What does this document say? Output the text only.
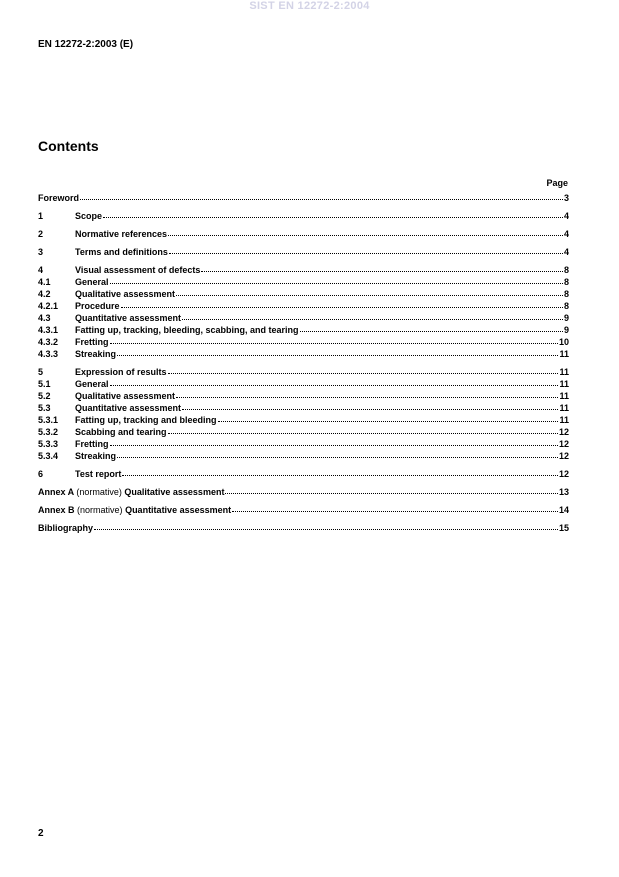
SIST EN 12272-2:2004
EN 12272-2:2003 (E)
Contents
Page
Foreword	3
1	Scope	4
2	Normative references	4
3	Terms and definitions	4
4	Visual assessment of defects	8
4.1	General	8
4.2	Qualitative assessment	8
4.2.1	Procedure	8
4.3	Quantitative assessment	9
4.3.1	Fatting up, tracking, bleeding, scabbing, and tearing	9
4.3.2	Fretting	10
4.3.3	Streaking	11
5	Expression of results	11
5.1	General	11
5.2	Qualitative assessment	11
5.3	Quantitative assessment	11
5.3.1	Fatting up, tracking and bleeding	11
5.3.2	Scabbing and tearing	12
5.3.3	Fretting	12
5.3.4	Streaking	12
6	Test report	12
Annex A (normative) Qualitative assessment	13
Annex B (normative) Quantitative assessment	14
Bibliography	15
2
